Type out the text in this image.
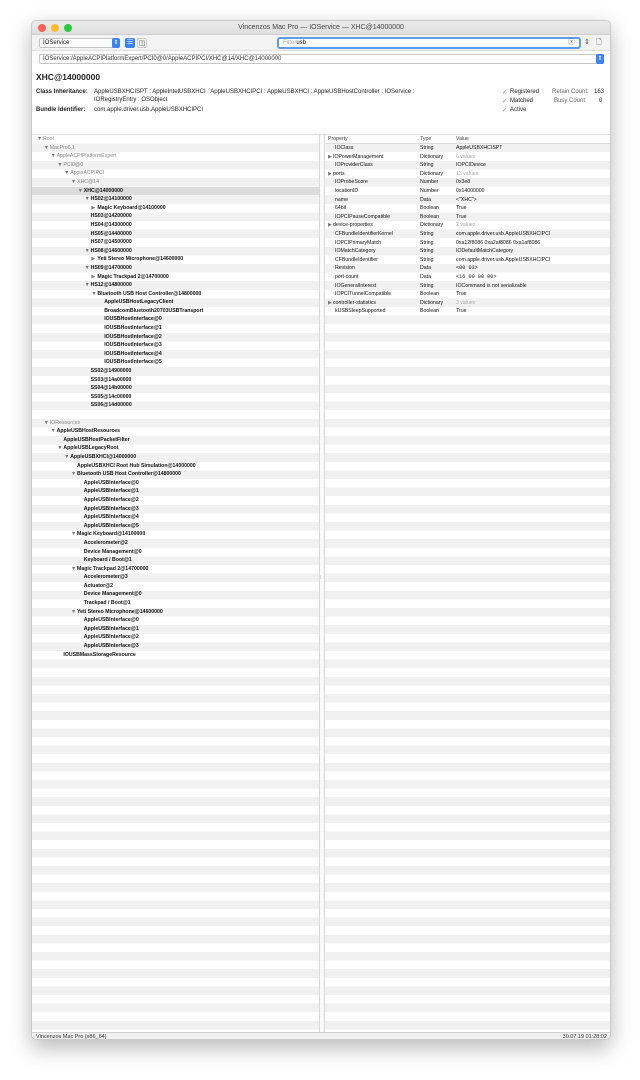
Vincenzos Mac Pro — IOService — XHC@14000000
IOService	⇕ ☰ ◫	Filterusb	ⓧ ⇕ 🗋
IOService:/AppleACPIPlatformExpert/PCI0@0/AppleACPIPCI/XHC@14/XHC@14000000	⇕
XHC@14000000
Class Inheritance: AppleUSBXHCISPT : AppleIntelUSBXHCI : AppleUSBXHCIPCI : AppleUSBXHCI : AppleUSBHostController : IOService :
IORegistryEntry : OSObject
Bundle Identifier: com.apple.driver.usb.AppleUSBXHCIPCI
✓ Registered
✓ Matched
✓ Active
Retain Count: 163
Busy Count: 0
▼Root
▼MacPro6,1
▼AppleACPIPlatformExpert
▼PCI0@0
▼AppleACPIPCI
▼XHC@14
▼XHC@14000000
▼HS02@14100000
▶ Magic Keyboard@14100000
HS03@14200000
HS04@14300000
HS05@14400000
HS07@14500000
▼HS08@14600000
▶ Yeti Stereo Microphone@14600000
▼HS09@14700000
▶ Magic Trackpad 2@14700000
▼HS12@14800000
▼Bluetooth USB Host Controller@14800000
AppleUSBHostLegacyClient
BroadcomBluetooth20703USBTransport
IOUSBHostInterface@0
IOUSBHostInterface@1
IOUSBHostInterface@2
IOUSBHostInterface@3
IOUSBHostInterface@4
IOUSBHostInterface@5
SS02@14900000
SS03@14a00000
SS04@14b00000
SS05@14c00000
SS06@14d00000
▼IOResources
▼AppleUSBHostResources
AppleUSBHostPacketFilter
▼AppleUSBLegacyRoot
▼AppleUSBXHCI@14000000
AppleUSBXHCI Root Hub Simulation@14000000
▼Bluetooth USB Host Controller@14800000
AppleUSBInterface@0
AppleUSBInterface@1
AppleUSBInterface@2
AppleUSBInterface@3
AppleUSBInterface@4
AppleUSBInterface@5
▼Magic Keyboard@14100000
Accelerometer@2
Device Management@0
Keyboard / Boot@1
▼Magic Trackpad 2@14700000
Accelerometer@3
Actuator@2
Device Management@0
Trackpad / Boot@1
▼Yeti Stereo Microphone@14600000
AppleUSBInterface@0
AppleUSBInterface@1
AppleUSBInterface@2
AppleUSBInterface@3
IOUSBMassStorageResource
⁞
Property	Type	Value
IOClass	String	AppleUSBXHCISPT
▶IOPowerManagement	Dictionary 6 values
IOProviderClass	String	IOPCIDevice
▶ports	Dictionary 13 values
IOProbeScore	Number	0x3e8
locationID	Number	0x14000000
name	Data	<"XHC">
64bit	Boolean	True
IOPCIPauseCompatible	Boolean	True
▶device-properties	Dictionary 2 values
CFBundleIdentifierKernel	String	com.apple.driver.usb.AppleUSBXHCIPCI
IOPCIPrimaryMatch	String	0xa12f8086 0xa2af8086 0xa1af8086
IOMatchCategory	String	IODefaultMatchCategory
CFBundleIdentifier	String	com.apple.driver.usb.AppleUSBXHCIPCI
Revision	Data	<00 03>
port-count	Data	<16 00 00 00>
IOGeneralInterest	String	IOCommand is not serializable
IOPCITunnelCompatible	Boolean	True
▶controller-statistics	Dictionary 3 values
kUSBSleepSupported	Boolean	True
Vincenzos Mac Pro (x86_64)	30.07.19 01:28:02
